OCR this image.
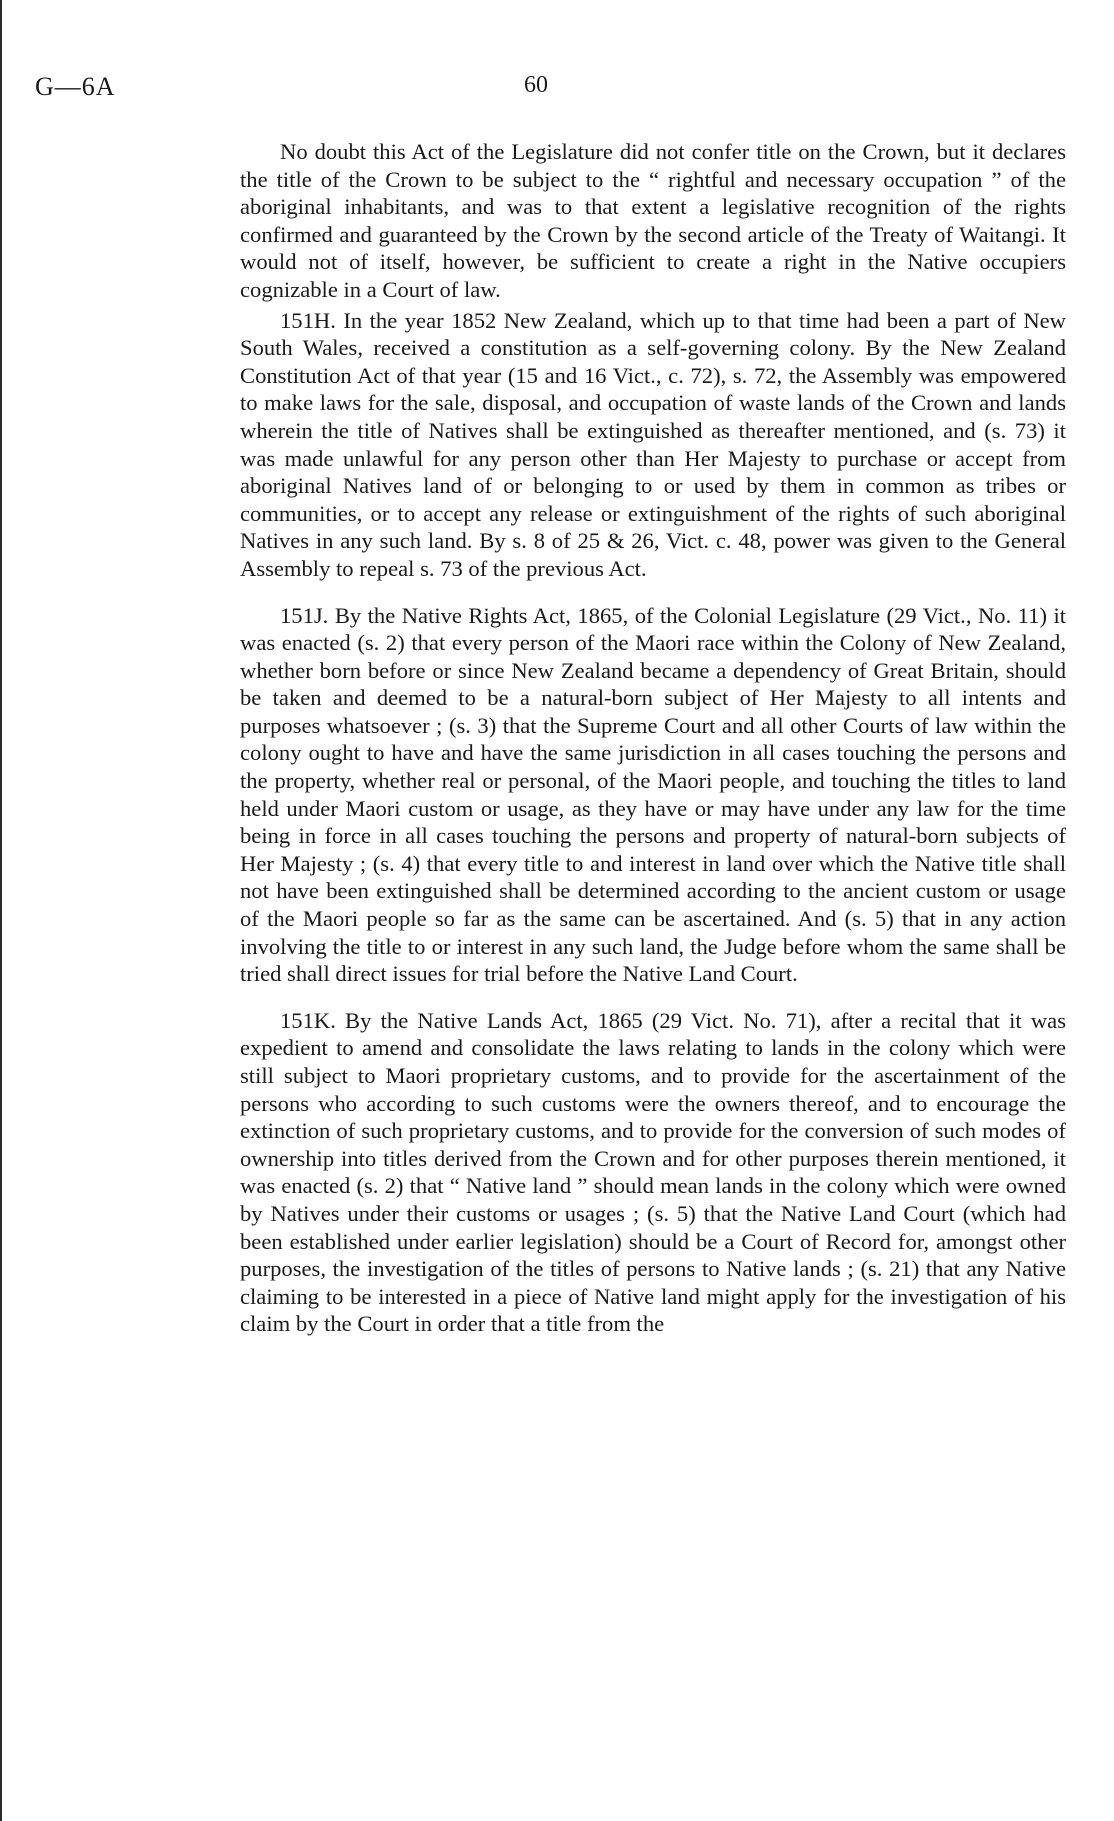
G—6A	60

No doubt this Act of the Legislature did not confer title on the Crown, but it declares the title of the Crown to be subject to the “ rightful and necessary occupation ” of the aboriginal inhabitants, and was to that extent a legislative recognition of the rights confirmed and guaranteed by the Crown by the second article of the Treaty of Waitangi. It would not of itself, however, be sufficient to create a right in the Native occupiers cognizable in a Court of law.

151H. In the year 1852 New Zealand, which up to that time had been a part of New South Wales, received a constitution as a self-governing colony. By the New Zealand Constitution Act of that year (15 and 16 Vict., c. 72), s. 72, the Assembly was empowered to make laws for the sale, disposal, and occupation of waste lands of the Crown and lands wherein the title of Natives shall be extinguished as thereafter mentioned, and (s. 73) it was made unlawful for any person other than Her Majesty to purchase or accept from aboriginal Natives land of or belonging to or used by them in common as tribes or communities, or to accept any release or extinguishment of the rights of such aboriginal Natives in any such land. By s. 8 of 25 & 26, Vict. c. 48, power was given to the General Assembly to repeal s. 73 of the previous Act.

151J. By the Native Rights Act, 1865, of the Colonial Legislature (29 Vict., No. 11) it was enacted (s. 2) that every person of the Maori race within the Colony of New Zealand, whether born before or since New Zealand became a dependency of Great Britain, should be taken and deemed to be a natural-born subject of Her Majesty to all intents and purposes whatsoever ; (s. 3) that the Supreme Court and all other Courts of law within the colony ought to have and have the same jurisdiction in all cases touching the persons and the property, whether real or personal, of the Maori people, and touching the titles to land held under Maori custom or usage, as they have or may have under any law for the time being in force in all cases touching the persons and property of natural-born subjects of Her Majesty ; (s. 4) that every title to and interest in land over which the Native title shall not have been extinguished shall be determined according to the ancient custom or usage of the Maori people so far as the same can be ascertained. And (s. 5) that in any action involving the title to or interest in any such land, the Judge before whom the same shall be tried shall direct issues for trial before the Native Land Court.

151K. By the Native Lands Act, 1865 (29 Vict. No. 71), after a recital that it was expedient to amend and consolidate the laws relating to lands in the colony which were still subject to Maori proprietary customs, and to provide for the ascertainment of the persons who according to such customs were the owners thereof, and to encourage the extinction of such proprietary customs, and to provide for the conversion of such modes of ownership into titles derived from the Crown and for other purposes therein mentioned, it was enacted (s. 2) that “ Native land ” should mean lands in the colony which were owned by Natives under their customs or usages ; (s. 5) that the Native Land Court (which had been established under earlier legislation) should be a Court of Record for, amongst other purposes, the investigation of the titles of persons to Native lands ; (s. 21) that any Native claiming to be interested in a piece of Native land might apply for the investigation of his claim by the Court in order that a title from the
